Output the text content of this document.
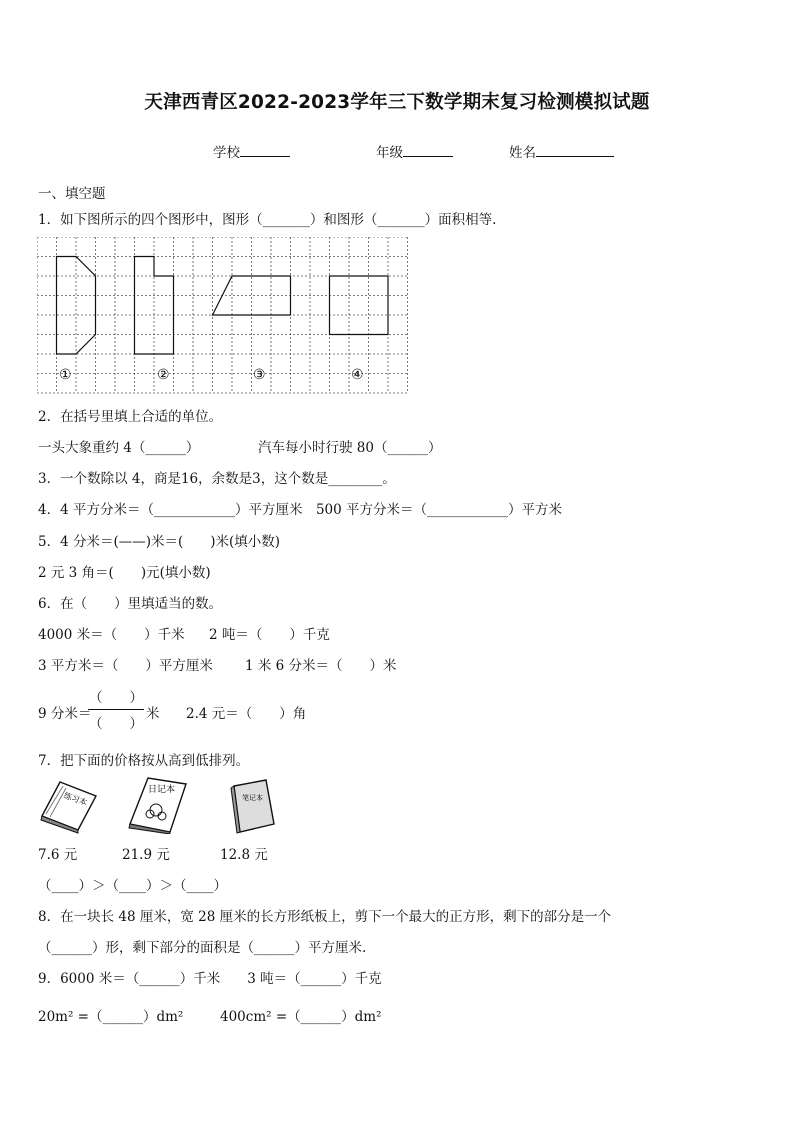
天津西青区2022-2023学年三下数学期末复习检测模拟试题
学校	年级	姓名
一、填空题
1．如下图所示的四个图形中，图形（_______）和图形（_______）面积相等.
①	②	③	④
2．在括号里填上合适的单位。
一头大象重约 4（______）	汽车每小时行驶 80（______）
3．一个数除以 4，商是16，余数是3，这个数是________。
4．4 平方分米＝（____________）平方厘米　500 平方分米＝（____________）平方米
5．4 分米＝(——)米＝(　　)米(填小数)
2 元 3 角＝(　　)元(填小数)
6．在（　　）里填适当的数。
4000 米＝（　　）千米 2 吨＝（　　）千克
3 平方米＝（　　）平方厘米 1 米 6 分米＝（　　）米
9 分米＝
（　　）
（　　）
米 2.4 元＝（　　）角
7．把下面的价格按从高到低排列。
练习本
日记本
笔记本
7.6 元	21.9 元	12.8 元
（____）＞（____）＞（____）
8．在一块长 48 厘米，宽 28 厘米的长方形纸板上，剪下一个最大的正方形，剩下的部分是一个
（______）形，剩下部分的面积是（______）平方厘米.
9．6000 米＝（______）千米　　3 吨＝（______）千克
20m² =（______）dm²	400cm² =（______）dm²
